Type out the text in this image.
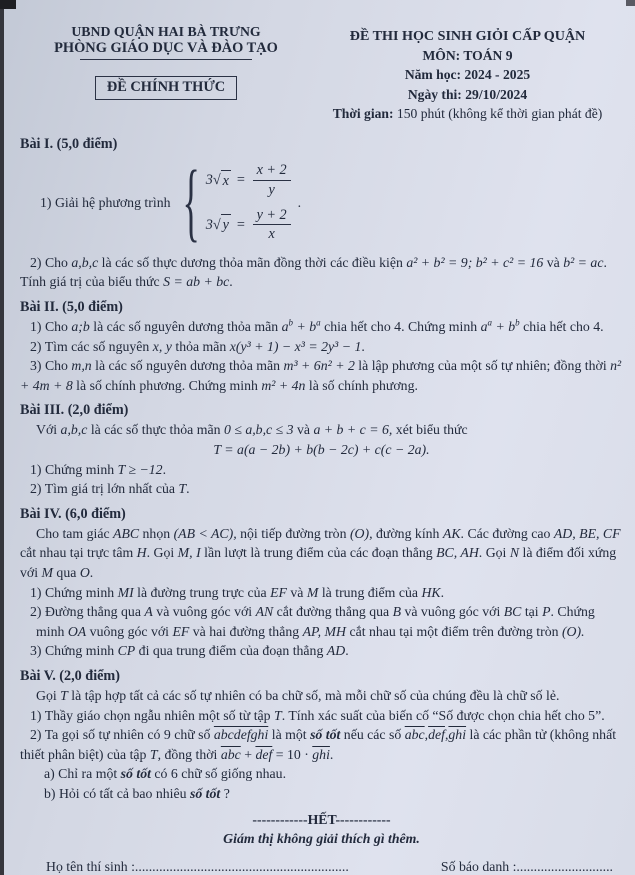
UBND QUẬN HAI BÀ TRƯNG
PHÒNG GIÁO DỤC VÀ ĐÀO TẠO
ĐỀ CHÍNH THỨC
ĐỀ THI HỌC SINH GIỎI CẤP QUẬN
MÔN: TOÁN 9
Năm học: 2024 - 2025
Ngày thi: 29/10/2024
Thời gian: 150 phút (không kể thời gian phát đề)
Bài I. (5,0 điểm)
1) Giải hệ phương trình { 3 √ $x = \frac{x + 2}{y}$
3 √ $y = \frac{y + 2}{x}$
.

2) Cho a,b,c là các số thực dương thỏa mãn đồng thời các điều kiện a² + b² = 9; b² + c² = 16 và b² = ac. Tính giá trị của biểu thức S = ab + bc.

Bài II. (5,0 điểm)

1) Cho a;b là các số nguyên dương thỏa mãn $a^b + b^a$ chia hết cho 4. Chứng minh $a^a + b^b$ chia hết cho 4.

2) Tìm các số nguyên x, y thỏa mãn x(y³ + 1) − x³ = 2y³ − 1.

3) Cho m,n là các số nguyên dương thỏa mãn m³ + 6n² + 2 là lập phương của một số tự nhiên; đồng thời n² + 4m + 8 là số chính phương. Chứng minh m² + 4n là số chính phương.

Bài III. (2,0 điểm)

Với a,b,c là các số thực thỏa mãn 0 ≤ a,b,c ≤ 3 và a + b + c = 6, xét biểu thức

T = a(a − 2b) + b(b − 2c) + c(c − 2a).

1) Chứng minh T ≥ −12.

2) Tìm giá trị lớn nhất của T.

Bài IV. (6,0 điểm)

Cho tam giác ABC nhọn (AB < AC), nội tiếp đường tròn (O), đường kính AK. Các đường cao AD, BE, CF cắt nhau tại trực tâm H. Gọi M, I lần lượt là trung điểm của các đoạn thẳng BC, AH. Gọi N là điểm đối xứng với M qua O.

1) Chứng minh MI là đường trung trực của EF và M là trung điểm của HK.

2) Đường thẳng qua A và vuông góc với AN cắt đường thẳng qua B và vuông góc với BC tại P. Chứng minh OA vuông góc với EF và hai đường thẳng AP, MH cắt nhau tại một điểm trên đường tròn (O).

3) Chứng minh CP đi qua trung điểm của đoạn thẳng AD.

Bài V. (2,0 điểm)

Gọi T là tập hợp tất cả các số tự nhiên có ba chữ số, mà mỗi chữ số của chúng đều là chữ số lẻ.

1) Thầy giáo chọn ngẫu nhiên một số từ tập T. Tính xác suất của biến cố “Số được chọn chia hết cho 5”.

2) Ta gọi số tự nhiên có 9 chữ số abcdefghi là một số tốt nếu các số $\overline{abc},\overline{def},\overline{ghi}$ là các phần tử (không nhất thiết phân biệt) của tập T, đồng thời $\overline{abc} + \overline{def} = 10 \cdot \overline{ghi}$.

a) Chỉ ra một số tốt có 6 chữ số giống nhau.

b) Hỏi có tất cả bao nhiêu số tốt ?

------------HẾT------------
Giám thị không giải thích gì thêm.
Họ tên thí sinh :..............................................................	Số báo danh :............................
